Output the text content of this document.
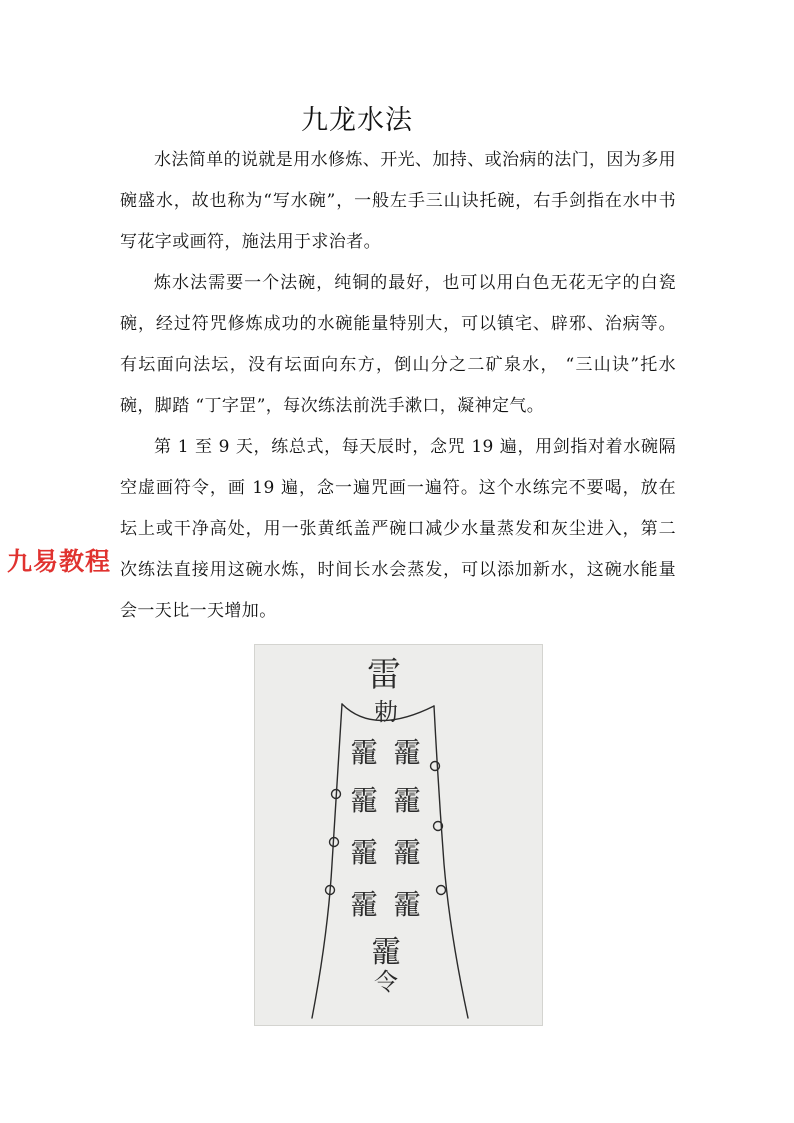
九龙水法

水法简单的说就是用水修炼、开光、加持、或治病的法门，因为多用碗盛水，故也称为“写水碗”，一般左手三山诀托碗，右手剑指在水中书写花字或画符，施法用于求治者。

炼水法需要一个法碗，纯铜的最好，也可以用白色无花无字的白瓷碗，经过符咒修炼成功的水碗能量特别大，可以镇宅、辟邪、治病等。有坛面向法坛，没有坛面向东方，倒山分之二矿泉水， “三山诀”托水碗，脚踏 “丁字罡”，每次练法前洗手漱口，凝神定气。

第 1 至 9 天，练总式，每天辰时，念咒 19 遍，用剑指对着水碗隔空虚画符令，画 19 遍，念一遍咒画一遍符。这个水练完不要喝，放在坛上或干净高处，用一张黄纸盖严碗口减少水量蒸发和灰尘进入，第二次练法直接用这碗水炼，时间长水会蒸发，可以添加新水，这碗水能量会一天比一天增加。

九易教程
雷
勅
靇 靇
靇 靇
靇 靇
靇 靇
靇
令
